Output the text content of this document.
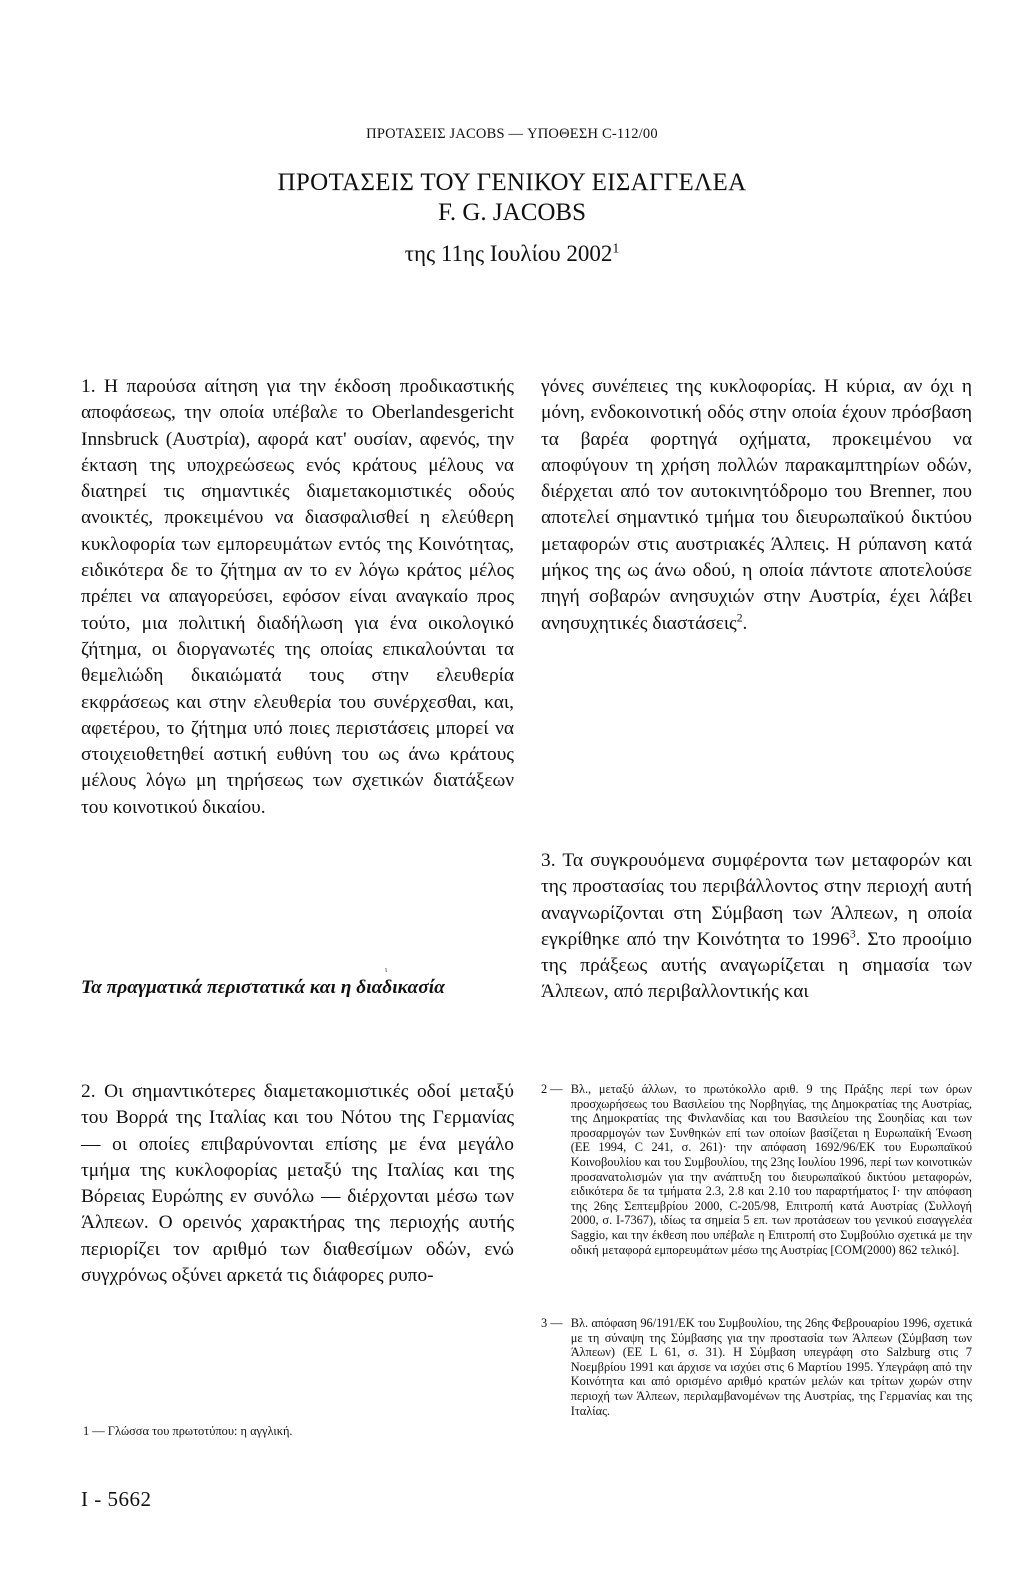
ΠΡΟΤΑΣΕΙΣ JACOBS — ΥΠΟΘΕΣΗ C-112/00
ΠΡΟΤΑΣΕΙΣ ΤΟΥ ΓΕΝΙΚΟΥ ΕΙΣΑΓΓΕΛΕΑ
F. G. JACOBS
της 11ης Ιουλίου 2002$^1$

1. Η παρούσα αίτηση για την έκδοση προδικαστικής αποφάσεως, την οποία υπέβαλε το Oberlandesgericht Innsbruck (Αυστρία), αφορά κατ' ουσίαν, αφενός, την έκταση της υποχρεώσεως ενός κράτους μέλους να διατηρεί τις σημαντικές διαμετακομιστικές οδούς ανοικτές, προκειμένου να διασφαλισθεί η ελεύθερη κυκλοφορία των εμπορευμάτων εντός της Κοινότητας, ειδικότερα δε το ζήτημα αν το εν λόγω κράτος μέλος πρέπει να απαγορεύσει, εφόσον είναι αναγκαίο προς τούτο, μια πολιτική διαδήλωση για ένα οικολογικό ζήτημα, οι διοργανωτές της οποίας επικαλούνται τα θεμελιώδη δικαιώματά τους στην ελευθερία εκφράσεως και στην ελευθερία του συνέρχεσθαι, και, αφετέρου, το ζήτημα υπό ποιες περιστάσεις μπορεί να στοιχειοθετηθεί αστική ευθύνη του ως άνω κράτους μέλους λόγω μη τηρήσεως των σχετικών διατάξεων του κοινοτικού δικαίου.

Τα πραγματικά περιστατικά και η διαδικασία

2. Οι σημαντικότερες διαμετακομιστικές οδοί μεταξύ του Βορρά της Ιταλίας και του Νότου της Γερμανίας — οι οποίες επιβαρύνονται επίσης με ένα μεγάλο τμήμα της κυκλοφορίας μεταξύ της Ιταλίας και της Βόρειας Ευρώπης εν συνόλω — διέρχονται μέσω των Άλπεων. Ο ορεινός χαρακτήρας της περιοχής αυτής περιορίζει τον αριθμό των διαθεσίμων οδών, ενώ συγχρόνως οξύνει αρκετά τις διάφορες ρυπο-

ι
1 — Γλώσσα του πρωτοτύπου: η αγγλική.
I - 5662

γόνες συνέπειες της κυκλοφορίας. Η κύρια, αν όχι η μόνη, ενδοκοινοτική οδός στην οποία έχουν πρόσβαση τα βαρέα φορτηγά οχήματα, προκειμένου να αποφύγουν τη χρήση πολλών παρακαμπτηρίων οδών, διέρχεται από τον αυτοκινητόδρομο του Brenner, που αποτελεί σημαντικό τμήμα του διευρωπαϊκού δικτύου μεταφορών στις αυστριακές Άλπεις. Η ρύπανση κατά μήκος της ως άνω οδού, η οποία πάντοτε αποτελούσε πηγή σοβαρών ανησυχιών στην Αυστρία, έχει λάβει ανησυχητικές διαστάσεις$^2$.

3. Τα συγκρουόμενα συμφέροντα των μεταφορών και της προστασίας του περιβάλλοντος στην περιοχή αυτή αναγνωρίζονται στη Σύμβαση των Άλπεων, η οποία εγκρίθηκε από την Κοινότητα το 1996$^3$. Στο προοίμιο της πράξεως αυτής αναγωρίζεται η σημασία των Άλπεων, από περιβαλλοντικής και

2 — Βλ., μεταξύ άλλων, το πρωτόκολλο αριθ. 9 της Πράξης περί των όρων προσχωρήσεως του Βασιλείου της Νορβηγίας, της Δημοκρατίας της Αυστρίας, της Δημοκρατίας της Φινλανδίας και του Βασιλείου της Σουηδίας και των προσαρμογών των Συνθηκών επί των οποίων βασίζεται η Ευρωπαϊκή Ένωση (ΕΕ 1994, C 241, σ. 261)· την απόφαση 1692/96/ΕΚ του Ευρωπαϊκού Κοινοβουλίου και του Συμβουλίου, της 23ης Ιουλίου 1996, περί των κοινοτικών προσανατολισμών για την ανάπτυξη του διευρωπαϊκού δικτύου μεταφορών, ειδικότερα δε τα τμήματα 2.3, 2.8 και 2.10 του παραρτήματος Ι· την απόφαση της 26ης Σεπτεμβρίου 2000, C-205/98, Επιτροπή κατά Αυστρίας (Συλλογή 2000, σ. Ι-7367), ιδίως τα σημεία 5 επ. των προτάσεων του γενικού εισαγγελέα Saggio, και την έκθεση που υπέβαλε η Επιτροπή στο Συμβούλιο σχετικά με την οδική μεταφορά εμπορευμάτων μέσω της Αυστρίας [COM(2000) 862 τελικό].

3 — Βλ. απόφαση 96/191/ΕΚ του Συμβουλίου, της 26ης Φεβρουαρίου 1996, σχετικά με τη σύναψη της Σύμβασης για την προστασία των Άλπεων (Σύμβαση των Άλπεων) (ΕΕ L 61, σ. 31). Η Σύμβαση υπεγράφη στο Salzburg στις 7 Νοεμβρίου 1991 και άρχισε να ισχύει στις 6 Μαρτίου 1995. Υπεγράφη από την Κοινότητα και από ορισμένο αριθμό κρατών μελών και τρίτων χωρών στην περιοχή των Άλπεων, περιλαμβανομένων της Αυστρίας, της Γερμανίας και της Ιταλίας.
